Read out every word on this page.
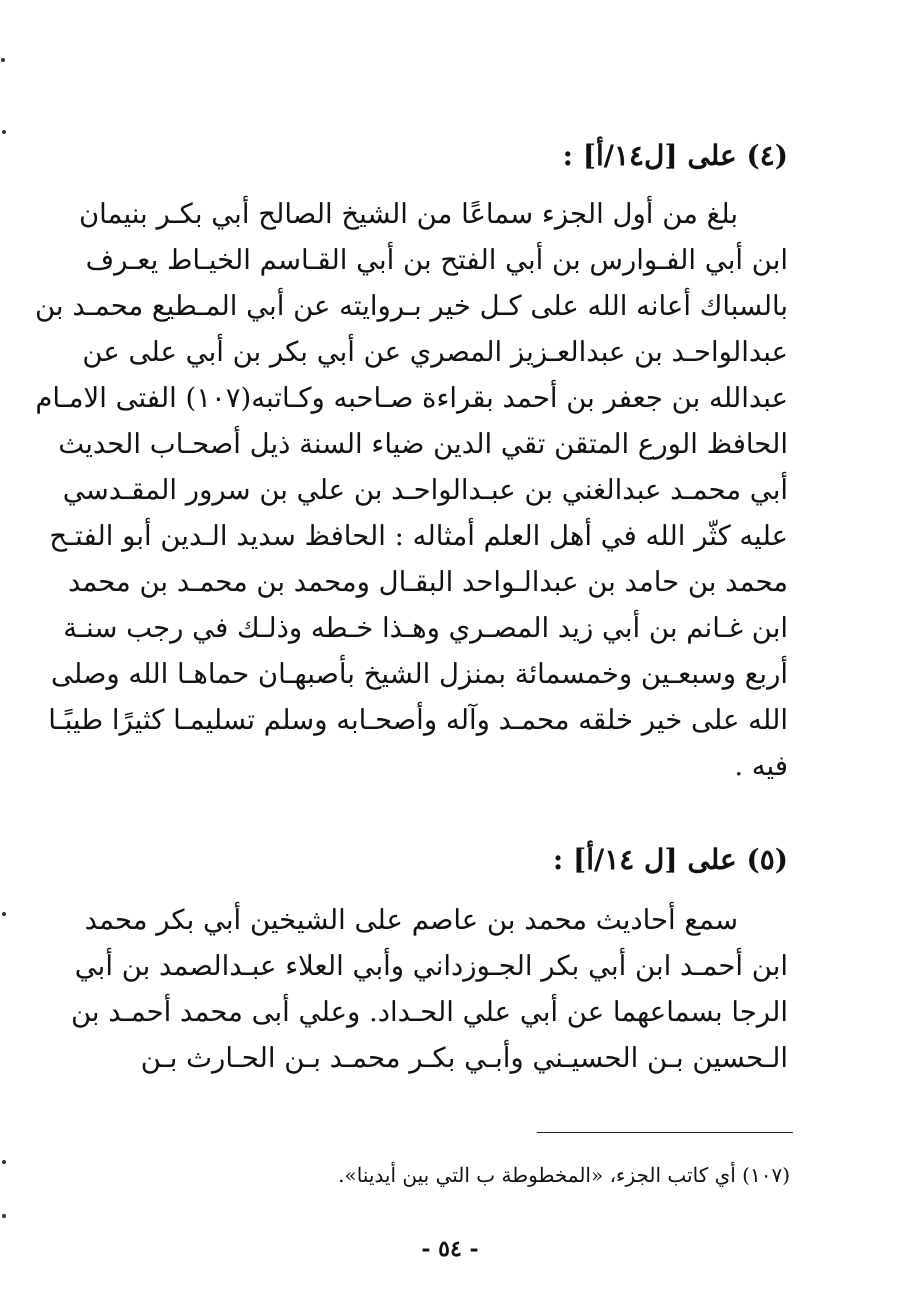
(٤) على [ل١٤/أ] :
بلغ من أول الجزء سماعًا من الشيخ الصالح أبي بكـر بنيمان
ابن أبي الفـوارس بن أبي الفتح بن أبي القـاسم الخيـاط يعـرف
بالسباك أعانه الله على كـل خير بـروايته عن أبي المـطيع محمـد بن
عبدالواحـد بن عبدالعـزيز المصري عن أبي بكر بن أبي على عن
عبدالله بن جعفر بن أحمد بقراءة صـاحبه وكـاتبه(١٠٧) الفتى الامـام
الحافظ الورع المتقن تقي الدين ضياء السنة ذيل أصحـاب الحديث
أبي محمـد عبدالغني بن عبـدالواحـد بن علي بن سرور المقـدسي
عليه كثّر الله في أهل العلم أمثاله : الحافظ سديد الـدين أبو الفتـح
محمد بن حامد بن عبدالـواحد البقـال ومحمد بن محمـد بن محمد
ابن غـانم بن أبي زيد المصـري وهـذا خـطه وذلـك في رجب سنـة
أربع وسبعـين وخمسمائة بمنزل الشيخ بأصبهـان حماهـا الله وصلى
الله على خير خلقه محمـد وآله وأصحـابه وسلم تسليمـا كثيرًا طيبًـا
فيه .
(٥) على [ل ١٤/أ] :
سمع أحاديث محمد بن عاصم على الشيخين أبي بكر محمد
ابن أحمـد ابن أبي بكر الجـوزداني وأبي العلاء عبـدالصمد بن أبي
الرجا بسماعهما عن أبي علي الحـداد. وعلي أبى محمد أحمـد بن
الـحسين بـن الحسيـني وأبـي بكـر محمـد بـن الحـارث بـن
(١٠٧) أي كاتب الجزء، «المخطوطة ب التي بين أيدينا».
- ٥٤ -
